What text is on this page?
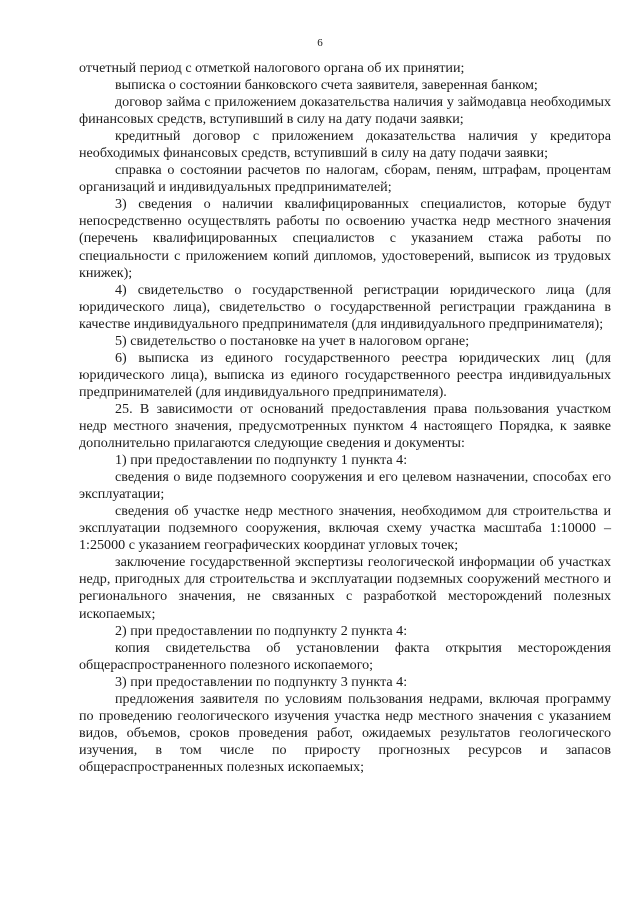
6

отчетный период с отметкой налогового органа об их принятии;

выписка о состоянии банковского счета заявителя, заверенная банком;

договор займа с приложением доказательства наличия у займодавца необходимых финансовых средств, вступивший в силу на дату подачи заявки;

кредитный договор с приложением доказательства наличия у кредитора необходимых финансовых средств, вступивший в силу на дату подачи заявки;

справка о состоянии расчетов по налогам, сборам, пеням, штрафам, процентам организаций и индивидуальных предпринимателей;

3) сведения о наличии квалифицированных специалистов, которые будут непосредственно осуществлять работы по освоению участка недр местного значения (перечень квалифицированных специалистов с указанием стажа работы по специальности с приложением копий дипломов, удостоверений, выписок из трудовых книжек);

4) свидетельство о государственной регистрации юридического лица (для юридического лица), свидетельство о государственной регистрации гражданина в качестве индивидуального предпринимателя (для индивидуального предпринимателя);

5) свидетельство о постановке на учет в налоговом органе;

6) выписка из единого государственного реестра юридических лиц (для юридического лица), выписка из единого государственного реестра индивидуальных предпринимателей (для индивидуального предпринимателя).

25. В зависимости от оснований предоставления права пользования участком недр местного значения, предусмотренных пунктом 4 настоящего Порядка, к заявке дополнительно прилагаются следующие сведения и документы:

1) при предоставлении по подпункту 1 пункта 4:

сведения о виде подземного сооружения и его целевом назначении, способах его эксплуатации;

сведения об участке недр местного значения, необходимом для строительства и эксплуатации подземного сооружения, включая схему участка масштаба 1:10000 – 1:25000 с указанием географических координат угловых точек;

заключение государственной экспертизы геологической информации об участках недр, пригодных для строительства и эксплуатации подземных сооружений местного и регионального значения, не связанных с разработкой месторождений полезных ископаемых;

2) при предоставлении по подпункту 2 пункта 4:

копия свидетельства об установлении факта открытия месторождения общераспространенного полезного ископаемого;

3) при предоставлении по подпункту 3 пункта 4:

предложения заявителя по условиям пользования недрами, включая программу по проведению геологического изучения участка недр местного значения с указанием видов, объемов, сроков проведения работ, ожидаемых результатов геологического изучения, в том числе по приросту прогнозных ресурсов и запасов общераспространенных полезных ископаемых;
